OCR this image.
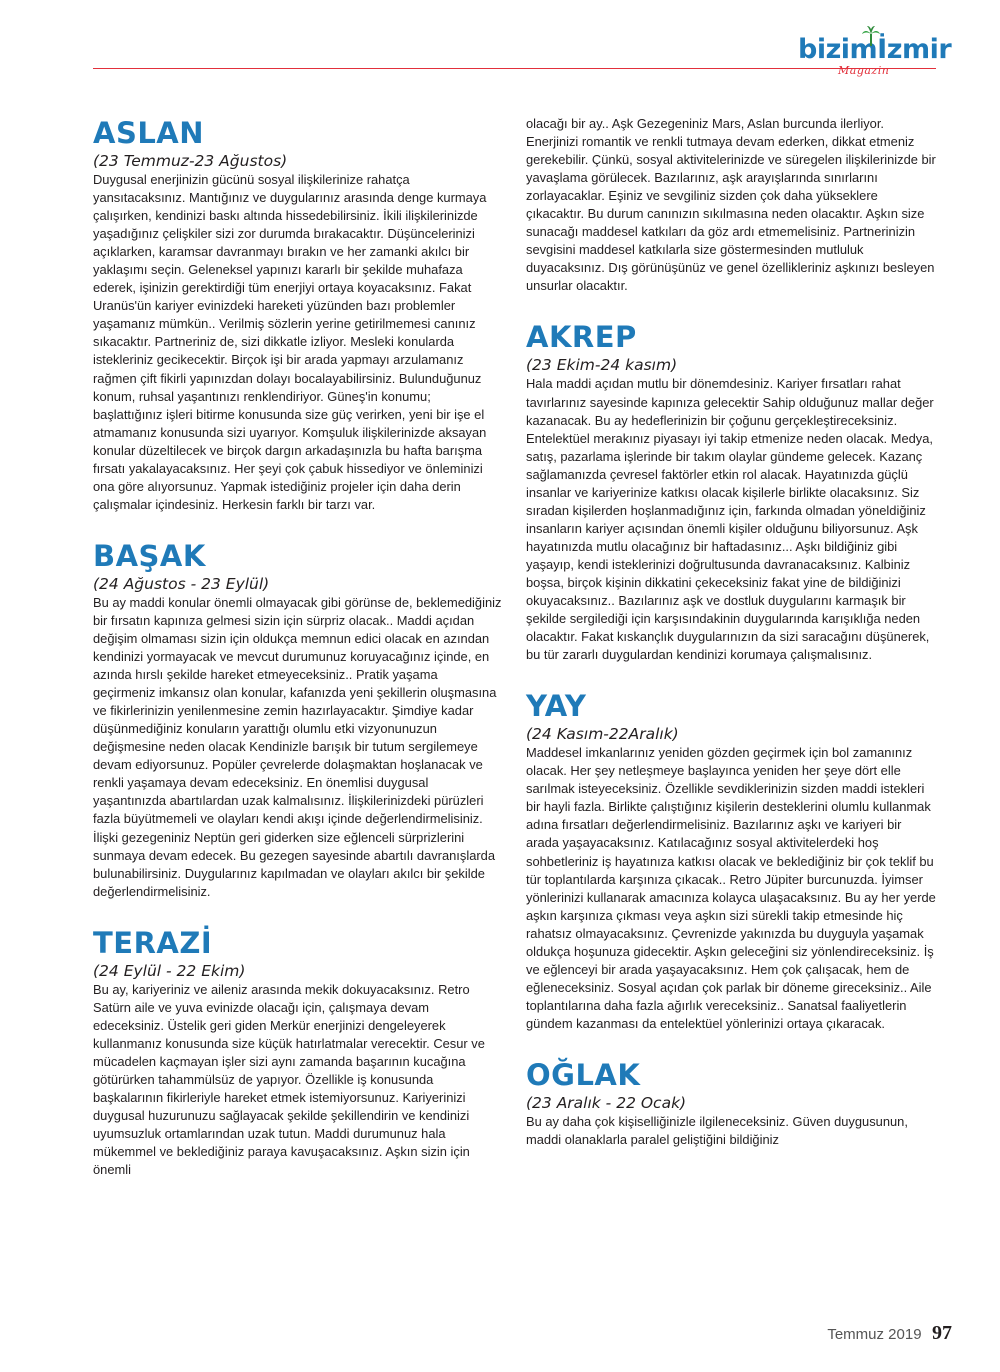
bizimİzmir
Magazin
ASLAN

(23 Temmuz-23 Ağustos)

Duygusal enerjinizin gücünü sosyal ilişkilerinize rahatça yansıtacaksınız. Mantığınız ve duygularınız arasında denge kurmaya çalışırken, kendinizi baskı altında hissedebilirsiniz. İkili ilişkilerinizde yaşadığınız çelişkiler sizi zor durumda bırakacaktır. Düşüncelerinizi açıklarken, karamsar davranmayı bırakın ve her zamanki akılcı bir yaklaşımı seçin. Geleneksel yapınızı kararlı bir şekilde muhafaza ederek, işinizin gerektirdiği tüm enerjiyi ortaya koyacaksınız. Fakat Uranüs'ün kariyer evinizdeki hareketi yüzünden bazı problemler yaşamanız mümkün.. Verilmiş sözlerin yerine getirilmemesi canınız sıkacaktır. Partneriniz de, sizi dikkatle izliyor. Mesleki konularda istekleriniz gecikecektir. Birçok işi bir arada yapmayı arzulamanız rağmen çift fikirli yapınızdan dolayı bocalayabilirsiniz. Bulunduğunuz konum, ruhsal yaşantınızı renklendiriyor. Güneş'in konumu; başlattığınız işleri bitirme konusunda size güç verirken, yeni bir işe el atmamanız konusunda sizi uyarıyor. Komşuluk ilişkilerinizde aksayan konular düzeltilecek ve birçok dargın arkadaşınızla bu hafta barışma fırsatı yakalayacaksınız. Her şeyi çok çabuk hissediyor ve önleminizi ona göre alıyorsunuz. Yapmak istediğiniz projeler için daha derin çalışmalar içindesiniz. Herkesin farklı bir tarzı var.

BAŞAK

(24 Ağustos - 23 Eylül)

Bu ay maddi konular önemli olmayacak gibi görünse de, beklemediğiniz bir fırsatın kapınıza gelmesi sizin için sürpriz olacak.. Maddi açıdan değişim olmaması sizin için oldukça memnun edici olacak en azından kendinizi yormayacak ve mevcut durumunuz koruyacağınız içinde, en azında hırslı şekilde hareket etmeyeceksiniz.. Pratik yaşama geçirmeniz imkansız olan konular, kafanızda yeni şekillerin oluşmasına ve fikirlerinizin yenilenmesine zemin hazırlayacaktır. Şimdiye kadar düşünmediğiniz konuların yarattığı olumlu etki vizyonunuzun değişmesine neden olacak Kendinizle barışık bir tutum sergilemeye devam ediyorsunuz. Popüler çevrelerde dolaşmaktan hoşlanacak ve renkli yaşamaya devam edeceksiniz. En önemlisi duygusal yaşantınızda abartılardan uzak kalmalısınız. İlişkilerinizdeki pürüzleri fazla büyütmemeli ve olayları kendi akışı içinde değerlendirmelisiniz. İlişki gezegeniniz Neptün geri giderken size eğlenceli sürprizlerini sunmaya devam edecek. Bu gezegen sayesinde abartılı davranışlarda bulunabilirsiniz. Duygularınız kapılmadan ve olayları akılcı bir şekilde değerlendirmelisiniz.

TERAZİ

(24 Eylül - 22 Ekim)

Bu ay, kariyeriniz ve aileniz arasında mekik dokuyacaksınız. Retro Satürn aile ve yuva evinizde olacağı için, çalışmaya devam edeceksiniz. Üstelik geri giden Merkür enerjinizi dengeleyerek kullanmanız konusunda size küçük hatırlatmalar verecektir. Cesur ve mücadelen kaçmayan işler sizi aynı zamanda başarının kucağına götürürken tahammülsüz de yapıyor. Özellikle iş konusunda başkalarının fikirleriyle hareket etmek istemiyorsunuz. Kariyerinizi duygusal huzurunuzu sağlayacak şekilde şekillendirin ve kendinizi uyumsuzluk ortamlarından uzak tutun. Maddi durumunuz hala mükemmel ve beklediğiniz paraya kavuşacaksınız. Aşkın sizin için önemli

olacağı bir ay.. Aşk Gezegeniniz Mars, Aslan burcunda ilerliyor. Enerjinizi romantik ve renkli tutmaya devam ederken, dikkat etmeniz gerekebilir. Çünkü, sosyal aktivitelerinizde ve süregelen ilişkilerinizde bir yavaşlama görülecek. Bazılarınız, aşk arayışlarında sınırlarını zorlayacaklar. Eşiniz ve sevgiliniz sizden çok daha yükseklere çıkacaktır. Bu durum canınızın sıkılmasına neden olacaktır. Aşkın size sunacağı maddesel katkıları da göz ardı etmemelisiniz. Partnerinizin sevgisini maddesel katkılarla size göstermesinden mutluluk duyacaksınız. Dış görünüşünüz ve genel özellikleriniz aşkınızı besleyen unsurlar olacaktır.

AKREP

(23 Ekim-24 kasım)

Hala maddi açıdan mutlu bir dönemdesiniz. Kariyer fırsatları rahat tavırlarınız sayesinde kapınıza gelecektir Sahip olduğunuz mallar değer kazanacak. Bu ay hedeflerinizin bir çoğunu gerçekleştireceksiniz. Entelektüel merakınız piyasayı iyi takip etmenize neden olacak. Medya, satış, pazarlama işlerinde bir takım olaylar gündeme gelecek. Kazanç sağlamanızda çevresel faktörler etkin rol alacak. Hayatınızda güçlü insanlar ve kariyerinize katkısı olacak kişilerle birlikte olacaksınız. Siz sıradan kişilerden hoşlanmadığınız için, farkında olmadan yöneldiğiniz insanların kariyer açısından önemli kişiler olduğunu biliyorsunuz. Aşk hayatınızda mutlu olacağınız bir haftadasınız... Aşkı bildiğiniz gibi yaşayıp, kendi isteklerinizi doğrultusunda davranacaksınız. Kalbiniz boşsa, birçok kişinin dikkatini çekeceksiniz fakat yine de bildiğinizi okuyacaksınız.. Bazılarınız aşk ve dostluk duygularını karmaşık bir şekilde sergilediği için karşısındakinin duygularında karışıklığa neden olacaktır. Fakat kıskançlık duygularınızın da sizi saracağını düşünerek, bu tür zararlı duygulardan kendinizi korumaya çalışmalısınız.

YAY

(24 Kasım-22Aralık)

Maddesel imkanlarınız yeniden gözden geçirmek için bol zamanınız olacak. Her şey netleşmeye başlayınca yeniden her şeye dört elle sarılmak isteyeceksiniz. Özellikle sevdiklerinizin sizden maddi istekleri bir hayli fazla. Birlikte çalıştığınız kişilerin desteklerini olumlu kullanmak adına fırsatları değerlendirmelisiniz. Bazılarınız aşkı ve kariyeri bir arada yaşayacaksınız. Katılacağınız sosyal aktivitelerdeki hoş sohbetleriniz iş hayatınıza katkısı olacak ve beklediğiniz bir çok teklif bu tür toplantılarda karşınıza çıkacak.. Retro Jüpiter burcunuzda. İyimser yönlerinizi kullanarak amacınıza kolayca ulaşacaksınız. Bu ay her yerde aşkın karşınıza çıkması veya aşkın sizi sürekli takip etmesinde hiç rahatsız olmayacaksınız. Çevrenizde yakınızda bu duyguyla yaşamak oldukça hoşunuza gidecektir. Aşkın geleceğini siz yönlendireceksiniz. İş ve eğlenceyi bir arada yaşayacaksınız. Hem çok çalışacak, hem de eğleneceksiniz. Sosyal açıdan çok parlak bir döneme gireceksiniz.. Aile toplantılarına daha fazla ağırlık vereceksiniz.. Sanatsal faaliyetlerin gündem kazanması da entelektüel yönlerinizi ortaya çıkaracak.

OĞLAK

(23 Aralık - 22 Ocak)

Bu ay daha çok kişiselliğinizle ilgileneceksiniz. Güven duygusunun, maddi olanaklarla paralel geliştiğini bildiğiniz

Temmuz 2019 97
